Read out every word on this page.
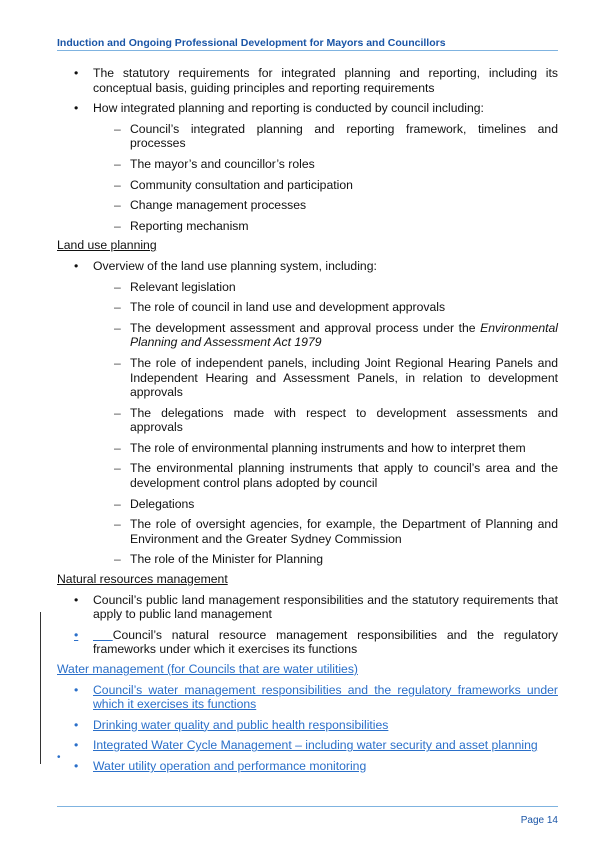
Induction and Ongoing Professional Development for Mayors and Councillors
• The statutory requirements for integrated planning and reporting, including its conceptual basis, guiding principles and reporting requirements
• How integrated planning and reporting is conducted by council including:
– Council’s integrated planning and reporting framework, timelines and processes
– The mayor’s and councillor’s roles
– Community consultation and participation
– Change management processes
– Reporting mechanism
Land use planning
• Overview of the land use planning system, including:
– Relevant legislation
– The role of council in land use and development approvals
– The development assessment and approval process under the Environmental Planning and Assessment Act 1979
– The role of independent panels, including Joint Regional Hearing Panels and Independent Hearing and Assessment Panels, in relation to development approvals
– The delegations made with respect to development assessments and approvals
– The role of environmental planning instruments and how to interpret them
– The environmental planning instruments that apply to council’s area and the development control plans adopted by council
– Delegations
– The role of oversight agencies, for example, the Department of Planning and Environment and the Greater Sydney Commission
– The role of the Minister for Planning
Natural resources management
• Council’s public land management responsibilities and the statutory requirements that apply to public land management
• Council’s natural resource management responsibilities and the regulatory frameworks under which it exercises its functions
Water management (for Councils that are water utilities)
• Council’s water management responsibilities and the regulatory frameworks under which it exercises its functions
• Drinking water quality and public health responsibilities
• Integrated Water Cycle Management – including water security and asset planning
• Water utility operation and performance monitoring
•
Page 14
